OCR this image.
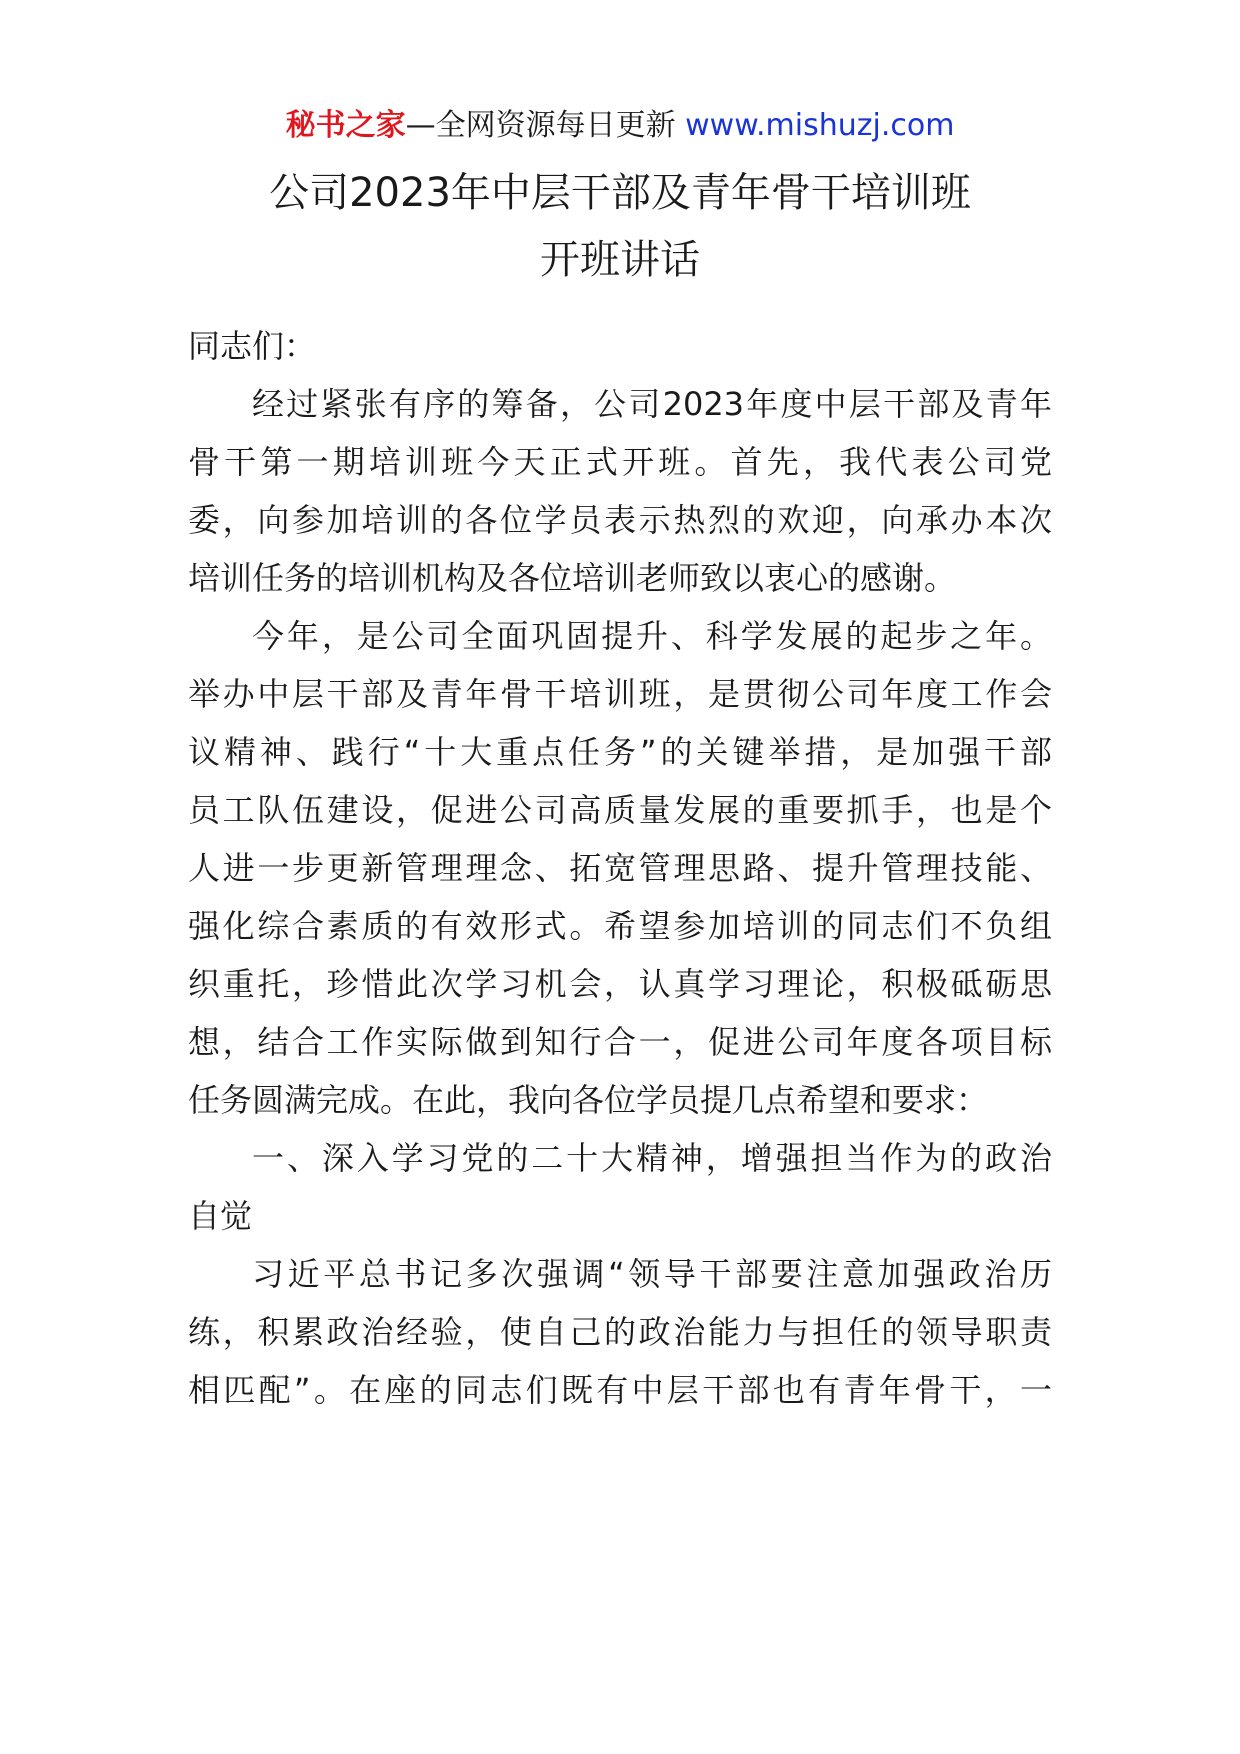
秘书之家—全网资源每日更新 www.mishuzj.com
公司2023年中层干部及青年骨干培训班
开班讲话
同志们：
经过紧张有序的筹备，公司2023年度中层干部及青年
骨干第一期培训班今天正式开班。首先，我代表公司党
委，向参加培训的各位学员表示热烈的欢迎，向承办本次
培训任务的培训机构及各位培训老师致以衷心的感谢。
今年，是公司全面巩固提升、科学发展的起步之年。
举办中层干部及青年骨干培训班，是贯彻公司年度工作会
议精神、践行“十大重点任务”的关键举措，是加强干部
员工队伍建设，促进公司高质量发展的重要抓手，也是个
人进一步更新管理理念、拓宽管理思路、提升管理技能、
强化综合素质的有效形式。希望参加培训的同志们不负组
织重托，珍惜此次学习机会，认真学习理论，积极砥砺思
想，结合工作实际做到知行合一，促进公司年度各项目标
任务圆满完成。在此，我向各位学员提几点希望和要求：
一、深入学习党的二十大精神，增强担当作为的政治
自觉
习近平总书记多次强调“领导干部要注意加强政治历
练，积累政治经验，使自己的政治能力与担任的领导职责
相匹配”。在座的同志们既有中层干部也有青年骨干，一
